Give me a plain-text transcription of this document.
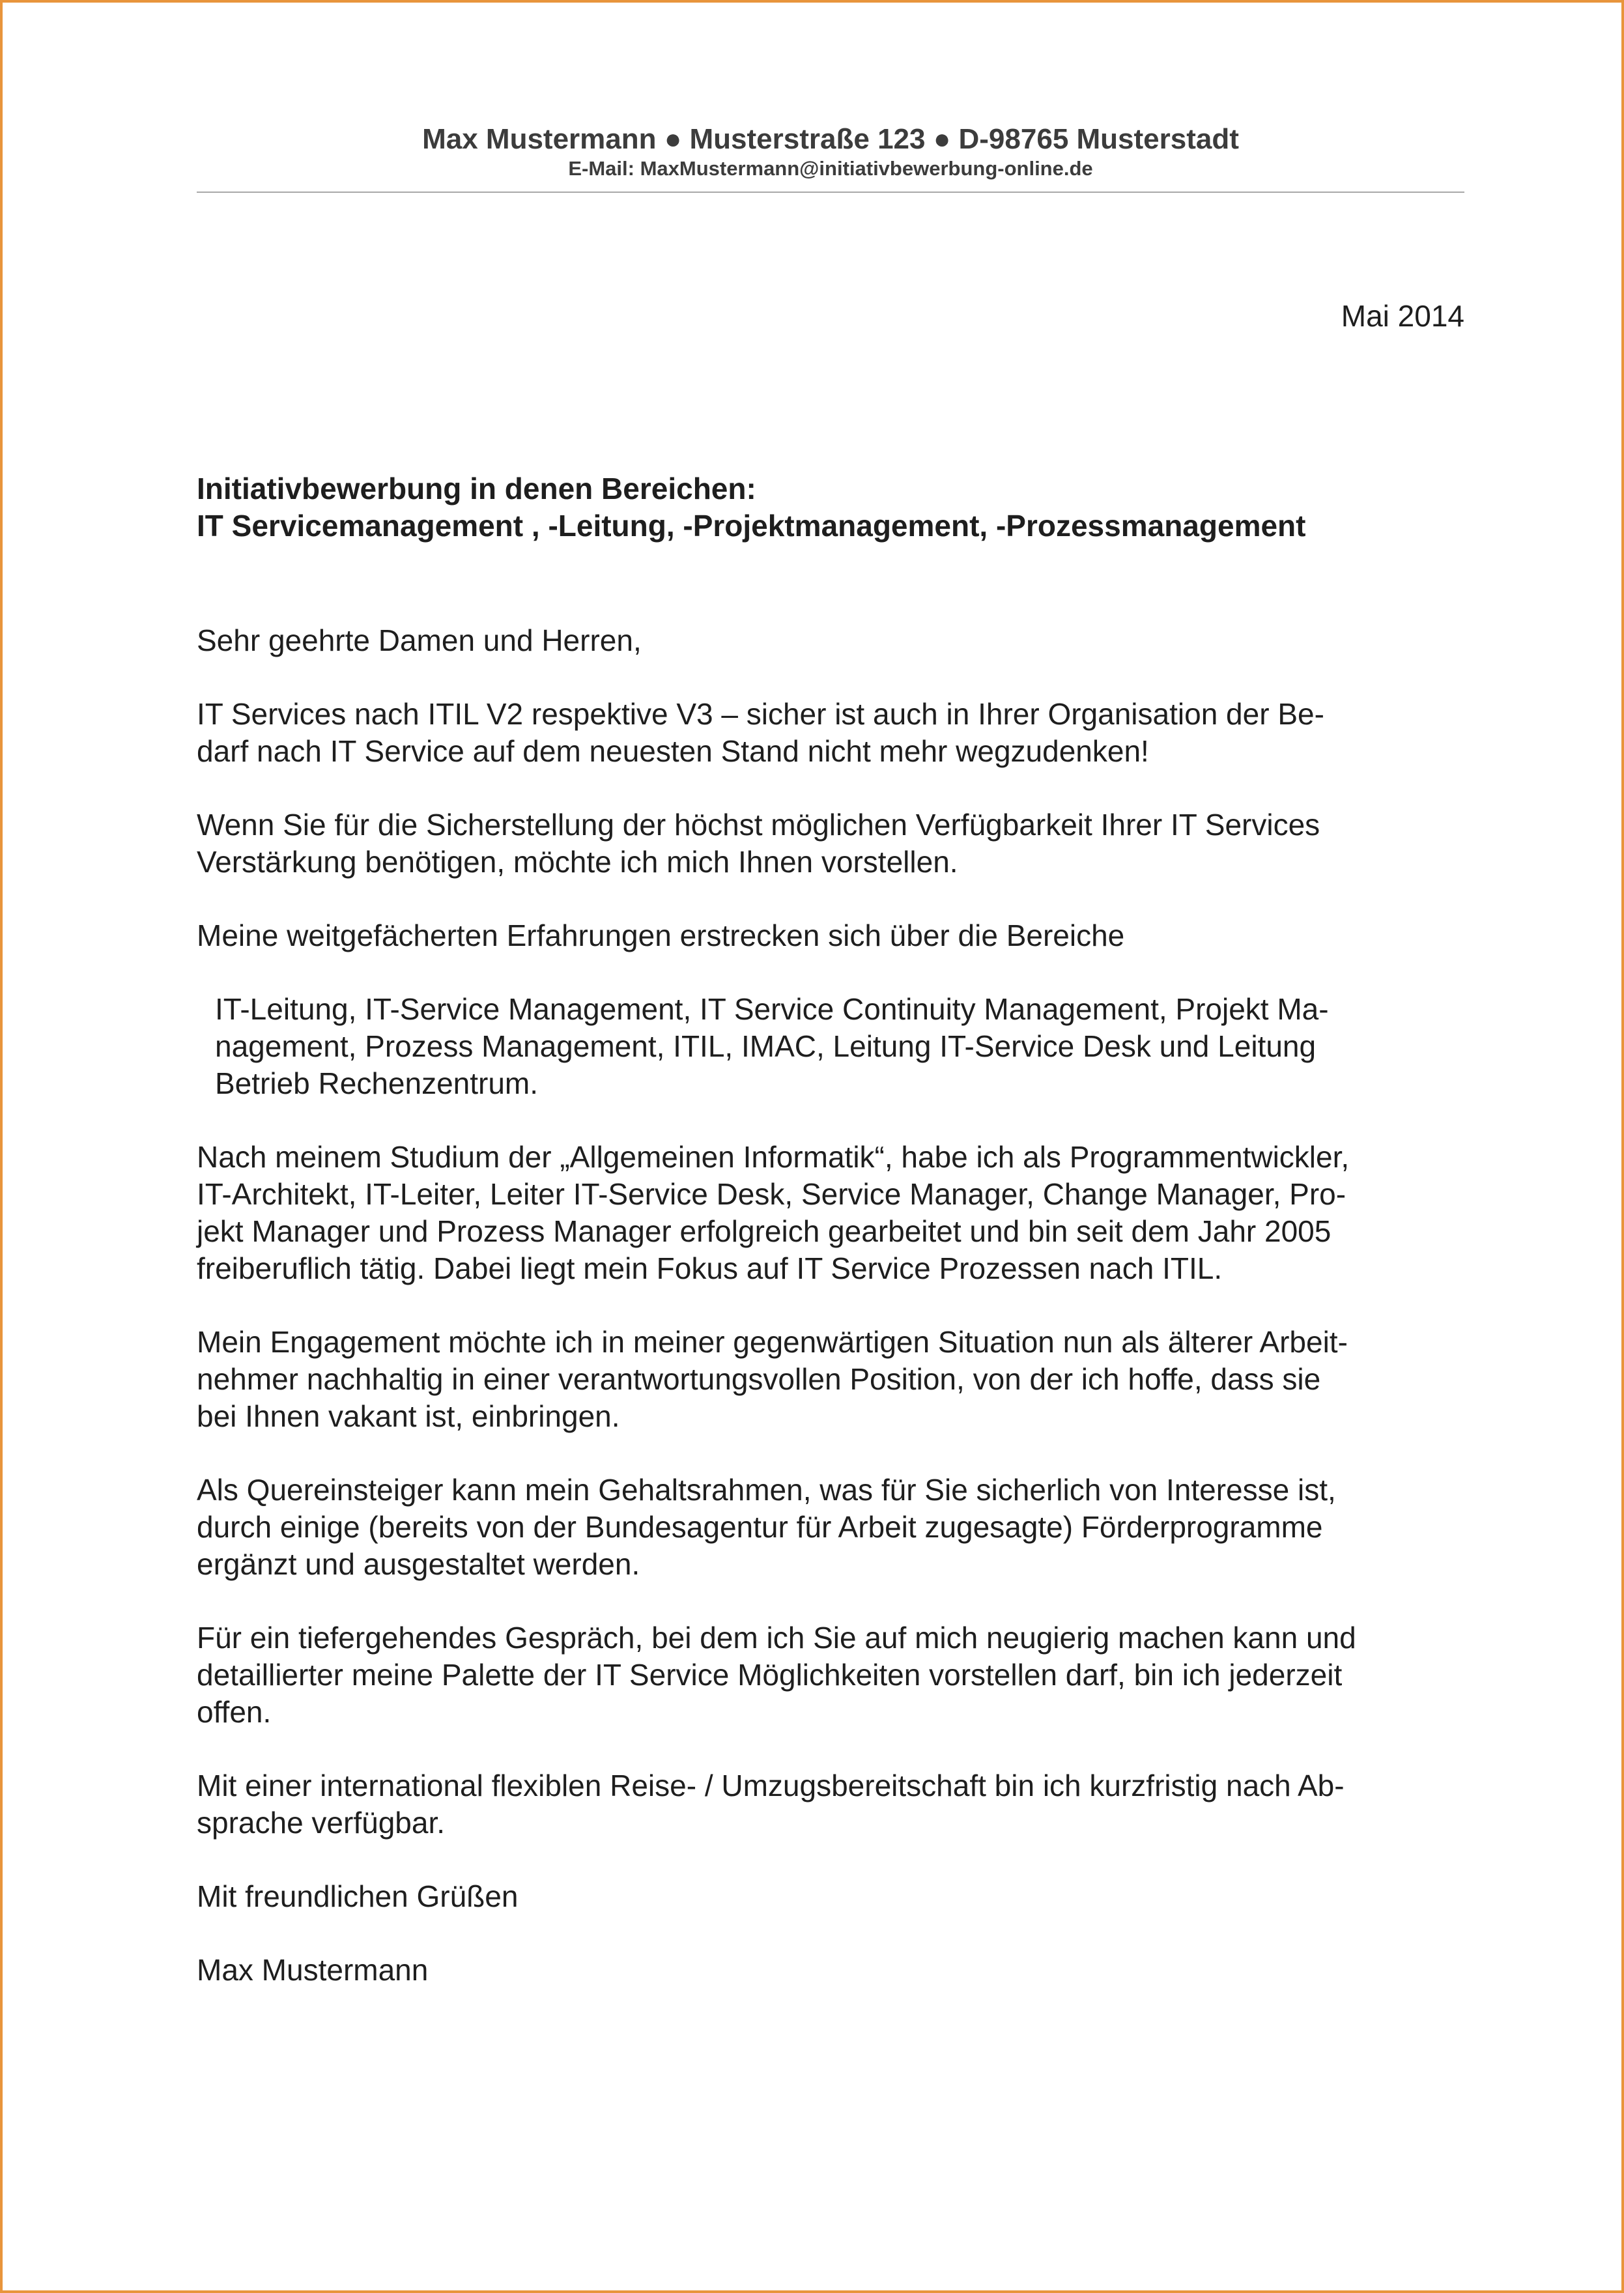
Max Mustermann ● Musterstraße 123 ● D-98765 Musterstadt
E-Mail: MaxMustermann@initiativbewerbung-online.de
Mai 2014
Initiativbewerbung in denen Bereichen:
IT Servicemanagement , -Leitung, -Projektmanagement, -Prozessmanagement

Sehr geehrte Damen und Herren,

IT Services nach ITIL V2 respektive V3 – sicher ist auch in Ihrer Organisation der Be-
darf nach IT Service auf dem neuesten Stand nicht mehr wegzudenken!

Wenn Sie für die Sicherstellung der höchst möglichen Verfügbarkeit Ihrer IT Services
Verstärkung benötigen, möchte ich mich Ihnen vorstellen.

Meine weitgefächerten Erfahrungen erstrecken sich über die Bereiche

IT-Leitung, IT-Service Management, IT Service Continuity Management, Projekt Ma-
nagement, Prozess Management, ITIL, IMAC, Leitung IT-Service Desk und Leitung
Betrieb Rechenzentrum.

Nach meinem Studium der „Allgemeinen Informatik“, habe ich als Programmentwickler,
IT-Architekt, IT-Leiter, Leiter IT-Service Desk, Service Manager, Change Manager, Pro-
jekt Manager und Prozess Manager erfolgreich gearbeitet und bin seit dem Jahr 2005
freiberuflich tätig. Dabei liegt mein Fokus auf IT Service Prozessen nach ITIL.

Mein Engagement möchte ich in meiner gegenwärtigen Situation nun als älterer Arbeit-
nehmer nachhaltig in einer verantwortungsvollen Position, von der ich hoffe, dass sie
bei Ihnen vakant ist, einbringen.

Als Quereinsteiger kann mein Gehaltsrahmen, was für Sie sicherlich von Interesse ist,
durch einige (bereits von der Bundesagentur für Arbeit zugesagte) Förderprogramme
ergänzt und ausgestaltet werden.

Für ein tiefergehendes Gespräch, bei dem ich Sie auf mich neugierig machen kann und
detaillierter meine Palette der IT Service Möglichkeiten vorstellen darf, bin ich jederzeit
offen.

Mit einer international flexiblen Reise- / Umzugsbereitschaft bin ich kurzfristig nach Ab-
sprache verfügbar.

Mit freundlichen Grüßen

Max Mustermann
